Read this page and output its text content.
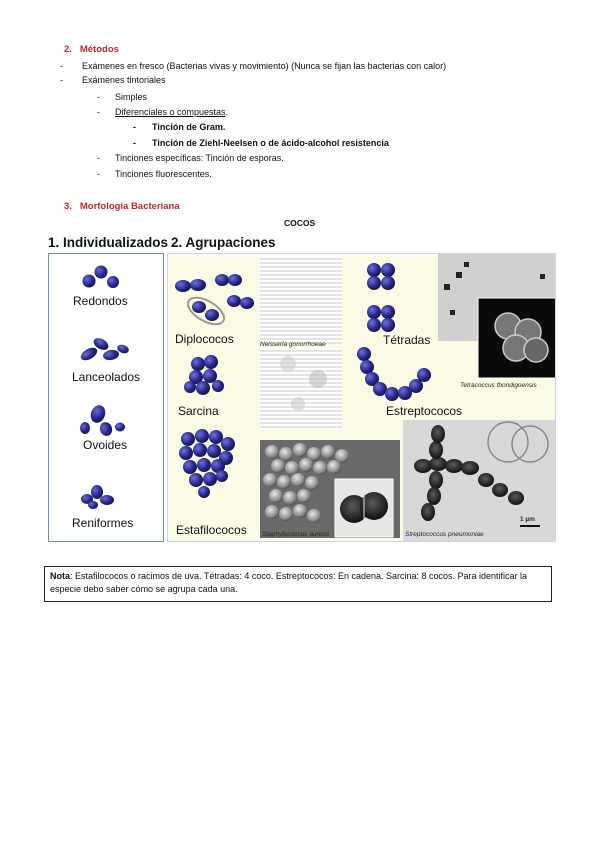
2. Métodos
- Exámenes en fresco (Bacterias vivas y movimiento) (Nunca se fijan las bacterias con calor)
- Exámenes tintoriales
- Simples
- Diferenciales o compuestas.
- Tinción de Gram.
- Tinción de Ziehl-Neelsen o de ácido-alcohol resistencia
- Tinciones específicas: Tinción de esporas.
- Tinciones fluorescentes.
3. Morfología Bacteriana
COCOS
1. Individualizados 2. Agrupaciones
Redondos
Lanceolados
Ovoides
Reniformes
Diplococos	Tétradas
Sarcina	Estreptococos
Estafilococos
Neisseria gonorrhoeae
Tetracoccus fbondigoensis
Staphylococcus aureus	Streptococcus pneumoniae
1 µm
Nota: Estafilococos o racimos de uva. Tétradas: 4 coco. Estreptococos: En cadena. Sarcina: 8 cocos. Para identificar la especie debo saber cómo se agrupa cada una.
